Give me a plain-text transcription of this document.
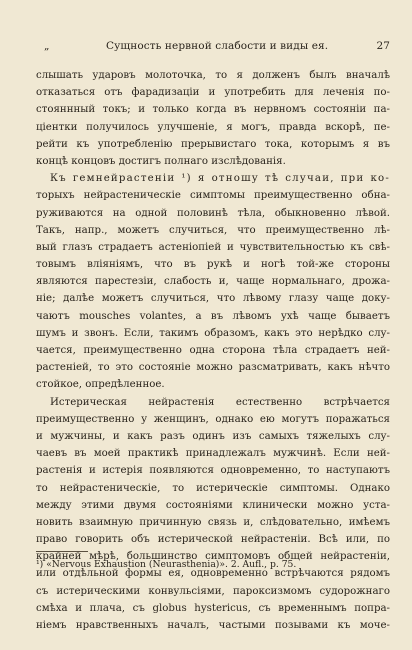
„	Сущность нервной слабости и виды ея.	27
слышать ударовъ молоточка, то я долженъ былъ вначалѣ
отказаться отъ фарадизаціи и употребить для леченія по-
стояннный токъ; и только когда въ нервномъ состояніи па-
ціентки получилось улучшеніе, я могъ, правда вскорѣ, пе-
рейти къ употребленію прерывистаго тока, которымъ я въ
концѣ концовъ достигъ полнаго изслѣдованія.
Къ гемнейрастеніи ¹) я отношу тѣ случаи, при ко-
торыхъ нейрастеническіе симптомы преимущественно обна-
руживаются на одной половинѣ тѣла, обыкновенно лѣвой.
Такъ, напр., можетъ случиться, что преимущественно лѣ-
вый глазъ страдаетъ астеніопіей и чувствительностью къ свѣ-
товымъ вліяніямъ, что въ рукѣ и ногѣ той-же стороны
являются парестезіи, слабость и, чаще нормальнаго, дрожа-
ніе; далѣе можетъ случиться, что лѣвому глазу чаще доку-
чаютъ mouschеs volantes, а въ лѣвомъ ухѣ чаще бываетъ
шумъ и звонъ. Если, такимъ образомъ, какъ это нерѣдко слу-
чается, преимущественно одна сторона тѣла страдаетъ ней-
растеніей, то это состояніе можно разсматривать, какъ нѣчто
стойкое, опредѣленное.
Истерическая нейрастенія естественно встрѣчается
преимущественно у женщинъ, однако ею могутъ поражаться
и мужчины, и какъ разъ одинъ изъ самыхъ тяжелыхъ слу-
чаевъ въ моей практикѣ принадлежалъ мужчинѣ. Если ней-
растенія и истерія появляются одновременно, то наступаютъ
то нейрастеническіе, то истерическіе симптомы. Однако
между этими двумя состояніями клинически можно уста-
новить взаимную причинную связь и, слѣдовательно, имѣемъ
право говорить объ истерической нейрастеніи. Всѣ или, по
крайней мѣрѣ, большинство симптомовъ общей нейрастеніи,
или отдѣльной формы ея, одновременно встрѣчаются рядомъ
съ истерическими конвульсіями, пароксизмомъ судорожнаго
смѣха и плача, съ globus hystericus, съ временнымъ попра-
ніемъ нравственныхъ началъ, частыми позывами къ моче-
¹) «Nervous Exhaustion (Neurasthenia)». 2. Aufl., p. 75.
